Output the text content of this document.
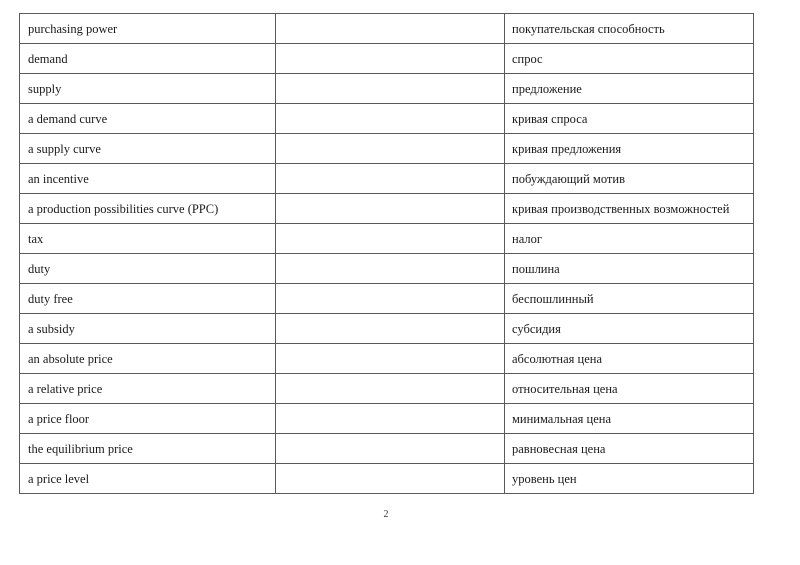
purchasing power		покупательская способность
demand		спрос
supply		предложение
a demand curve		кривая спроса
a supply curve		кривая предложения
an incentive		побуждающий мотив
a production possibilities curve (PPC)		кривая производственных возможностей
tax		налог
duty		пошлина
duty free		беспошлинный
a subsidy		субсидия
an absolute price		абсолютная цена
a relative price		относительная цена
a price floor		минимальная цена
the equilibrium price		равновесная цена
a price level		уровень цен
2
